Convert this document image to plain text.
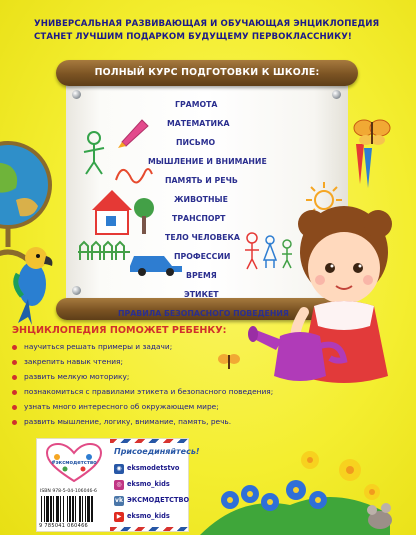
УНИВЕРСАЛЬНАЯ РАЗВИВАЮЩАЯ И ОБУЧАЮЩАЯ ЭНЦИКЛОПЕДИЯ
СТАНЕТ ЛУЧШИМ ПОДАРКОМ БУДУЩЕМУ ПЕРВОКЛАССНИКУ!
ПОЛНЫЙ КУРС ПОДГОТОВКИ К ШКОЛЕ:
ГРАМОТА
МАТЕМАТИКА
ПИСЬМО
МЫШЛЕНИЕ И ВНИМАНИЕ
ПАМЯТЬ И РЕЧЬ
ЖИВОТНЫЕ
ТРАНСПОРТ
ТЕЛО ЧЕЛОВЕКА
ПРОФЕССИИ
ВРЕМЯ
ЭТИКЕТ
ПРАВИЛА БЕЗОПАСНОГО ПОВЕДЕНИЯ
ЭНЦИКЛОПЕДИЯ ПОМОЖЕТ РЕБЕНКУ:
научиться решать примеры и задачи;
закрепить навык чтения;
развить мелкую моторику;
познакомиться с правилами этикета и безопасного поведения;
узнать много интересного об окружающем мире;
развить мышление, логику, внимание, память, речь.
#эксмодетство
ISBN 978-5-04-106046-6
9 785041 060466
Присоединяйтесь!
◉ eksmodetstvo
◎ eksmo_kids
vk ЭКСМОДЕТСТВО
▶ eksmo_kids
